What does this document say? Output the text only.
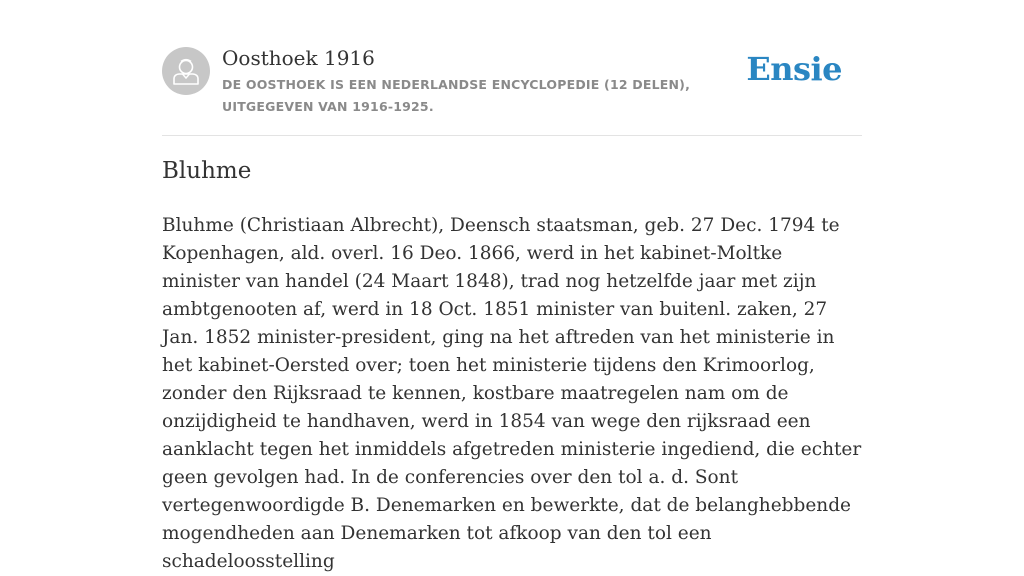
Oosthoek 1916

DE OOSTHOEK IS EEN NEDERLANDSE ENCYCLOPEDIE (12 DELEN), UITGEGEVEN VAN 1916-1925.

Ensie
Bluhme

Bluhme (Christiaan Albrecht), Deensch staatsman, geb. 27 Dec. 1794 te Kopenhagen, ald. overl. 16 Deo. 1866, werd in het kabinet-Moltke minister van handel (24 Maart 1848), trad nog hetzelfde jaar met zijn ambtgenooten af, werd in 18 Oct. 1851 minister van buitenl. zaken, 27 Jan. 1852 minister-president, ging na het aftreden van het ministerie in het kabinet-Oersted over; toen het ministerie tijdens den Krimoorlog, zonder den Rijksraad te kennen, kostbare maatregelen nam om de onzijdigheid te handhaven, werd in 1854 van wege den rijksraad een aanklacht tegen het inmiddels afgetreden ministerie ingediend, die echter geen gevolgen had. In de conferencies over den tol a. d. Sont vertegenwoordigde B. Denemarken en bewerkte, dat de belanghebbende mogendheden aan Denemarken tot afkoop van den tol een schadeloosstelling
